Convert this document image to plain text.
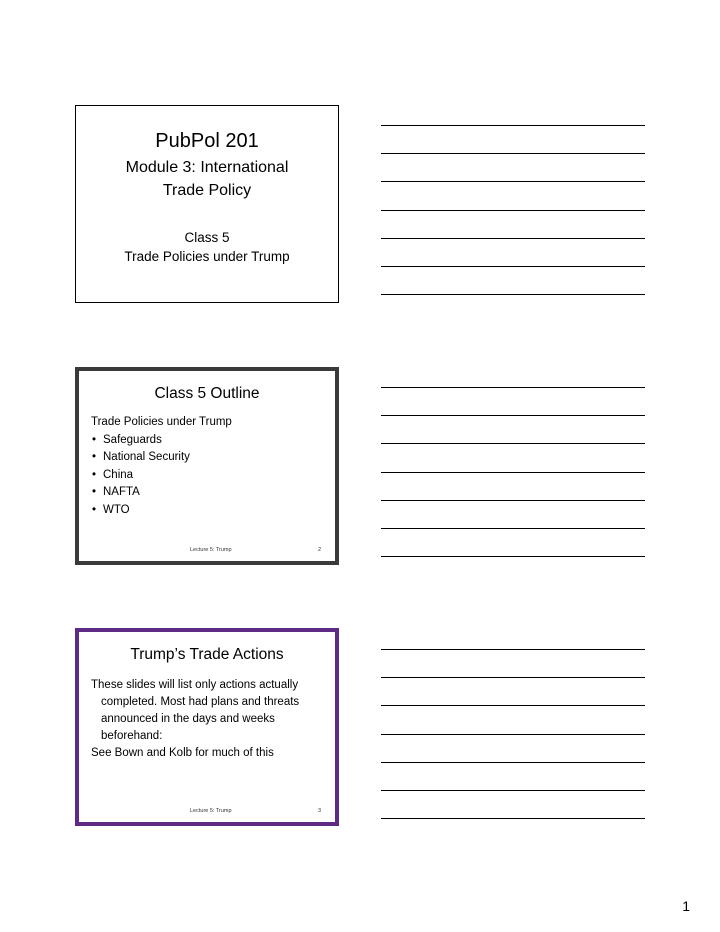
PubPol 201
Module 3: International
Trade Policy
Class 5
Trade Policies under Trump
Class 5 Outline
Trade Policies under Trump
• Safeguards
• National Security
• China
• NAFTA
• WTO
Lecture 5: Trump	2
Trump’s Trade Actions

These slides will list only actions actually completed. Most had plans and threats announced in the days and weeks beforehand:

See Bown and Kolb for much of this

Lecture 5: Trump	3
1
